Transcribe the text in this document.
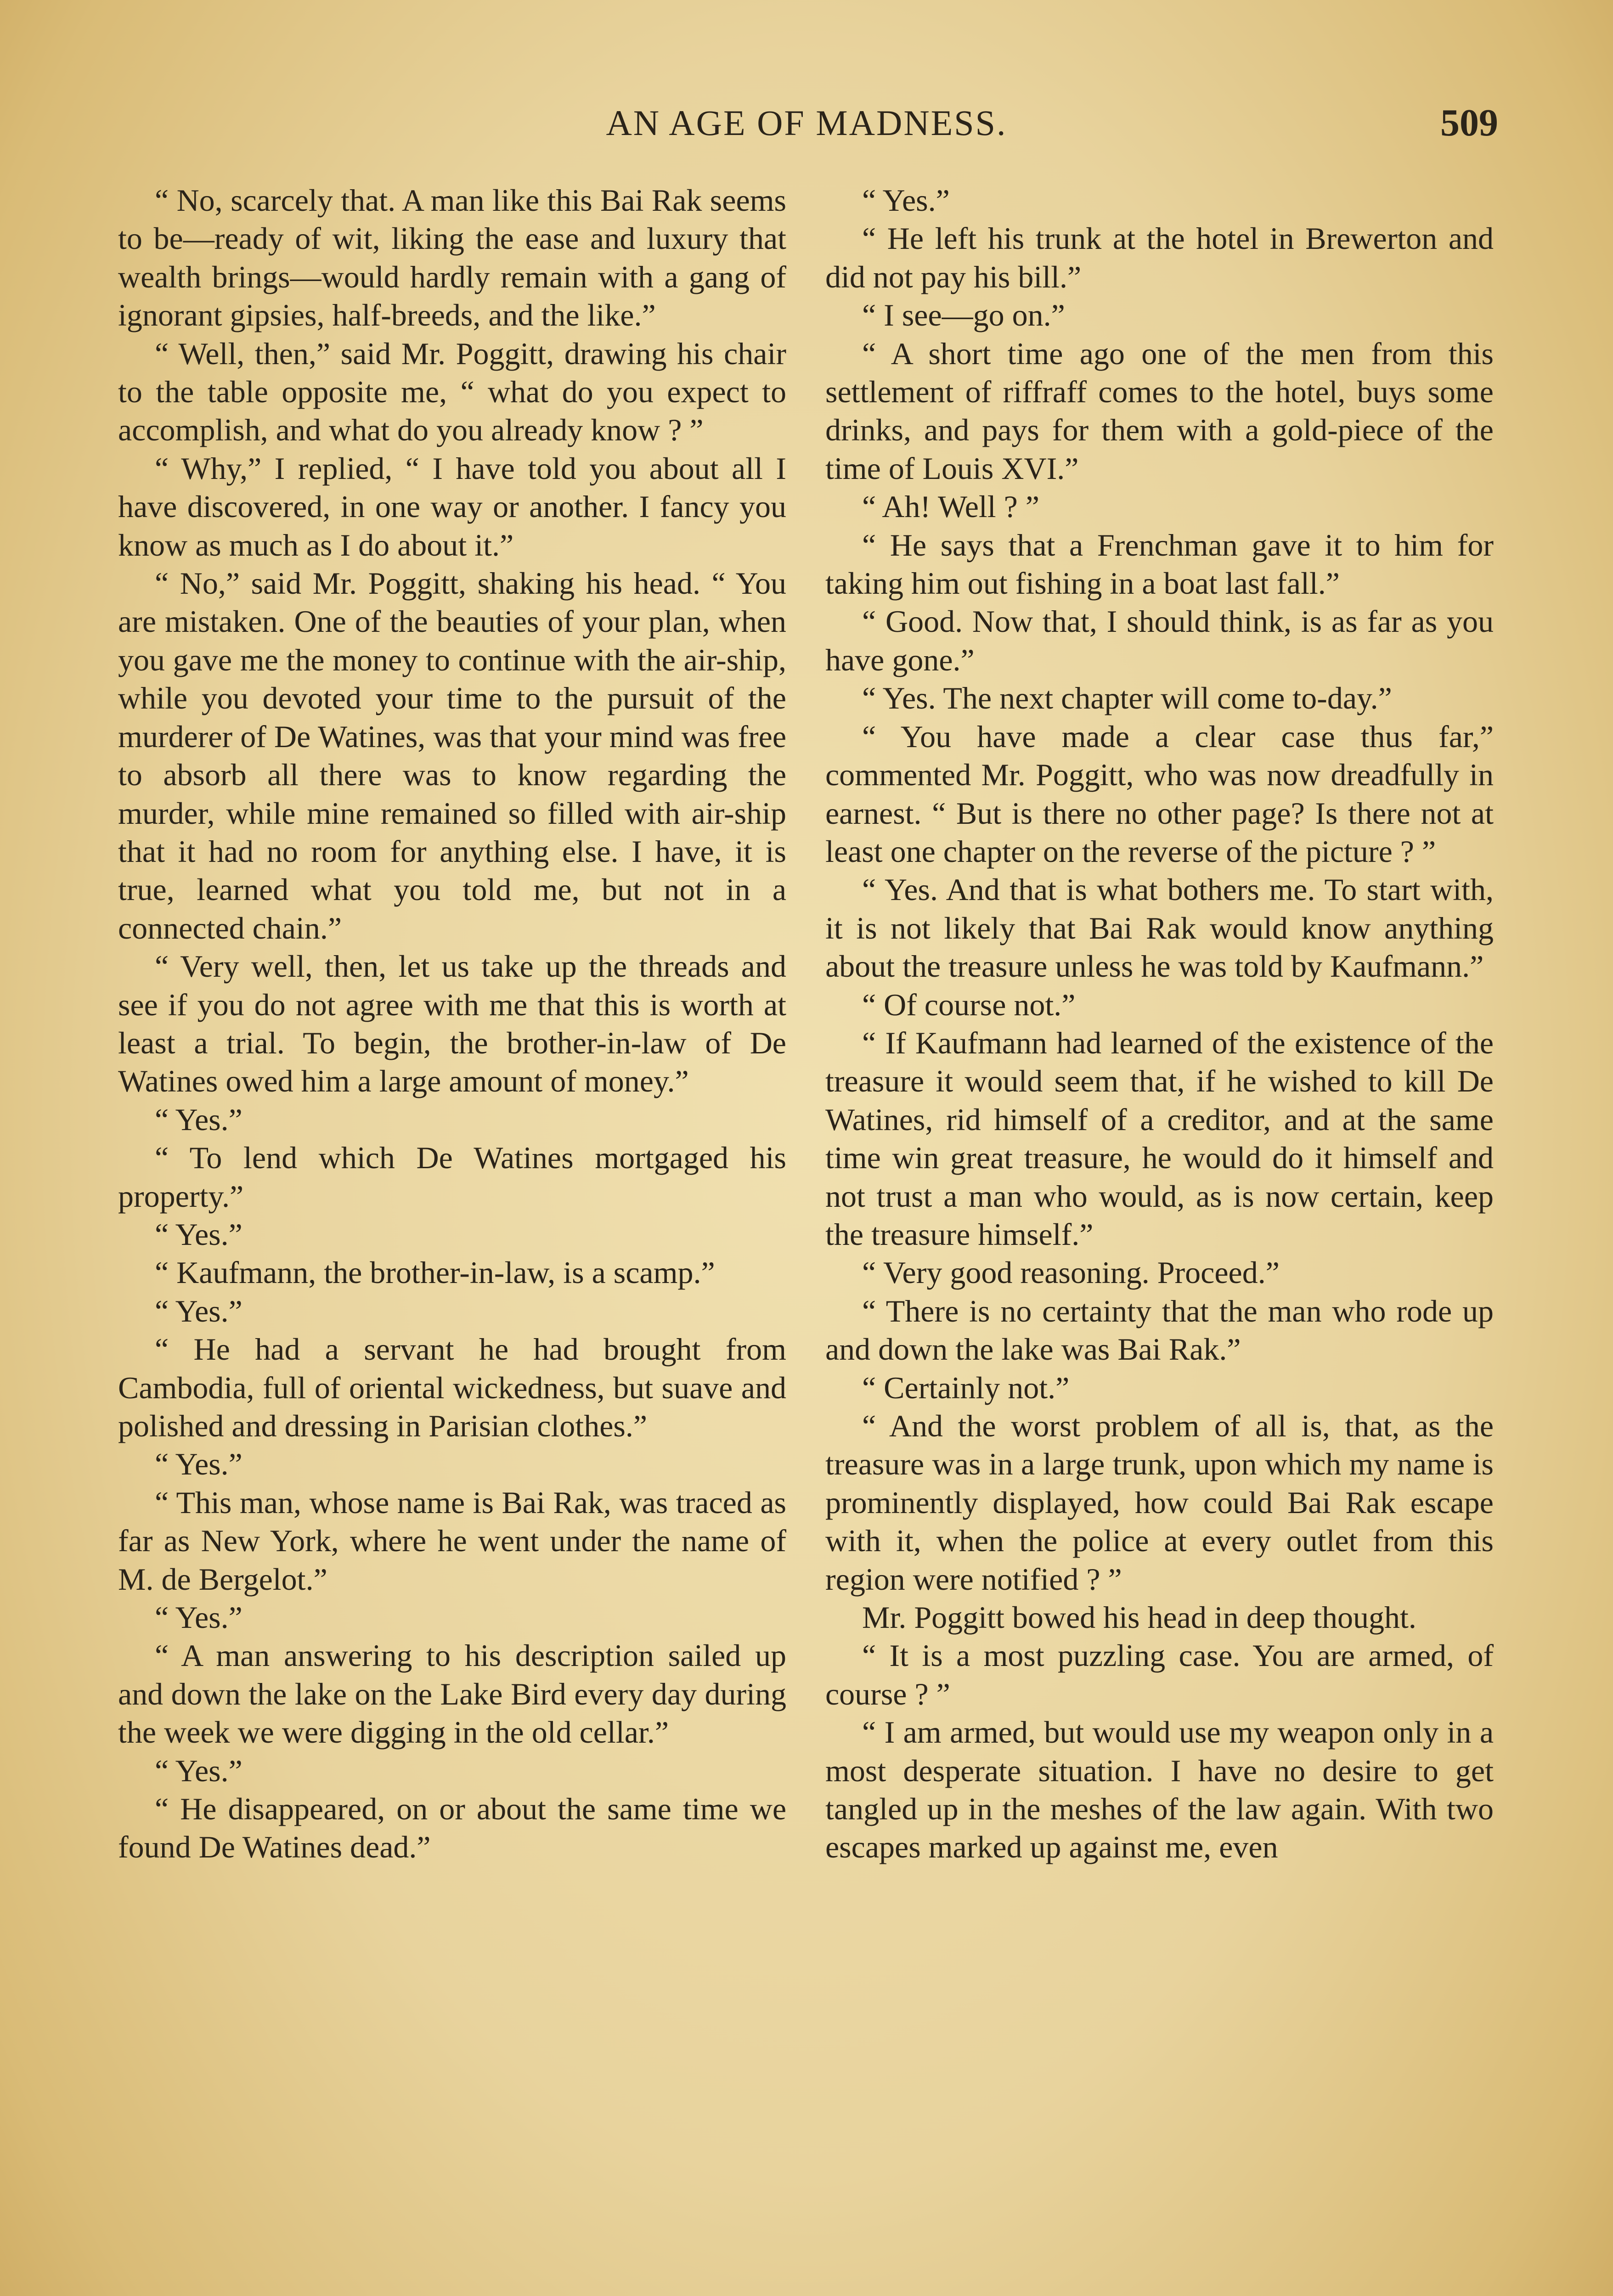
AN AGE OF MADNESS.	509

“ No, scarcely that. A man like this Bai Rak seems to be—ready of wit, liking the ease and luxury that wealth brings—would hardly remain with a gang of ignorant gipsies, half-breeds, and the like.”

“ Well, then,” said Mr. Poggitt, drawing his chair to the table opposite me, “ what do you expect to accomplish, and what do you already know ? ”

“ Why,” I replied, “ I have told you about all I have discovered, in one way or another. I fancy you know as much as I do about it.”

“ No,” said Mr. Poggitt, shaking his head. “ You are mistaken. One of the beauties of your plan, when you gave me the money to continue with the air-ship, while you devoted your time to the pursuit of the murderer of De Watines, was that your mind was free to absorb all there was to know regarding the murder, while mine remained so filled with air-ship that it had no room for anything else. I have, it is true, learned what you told me, but not in a connected chain.”

“ Very well, then, let us take up the threads and see if you do not agree with me that this is worth at least a trial. To begin, the brother-in-law of De Watines owed him a large amount of money.”

“ Yes.”

“ To lend which De Watines mortgaged his property.”

“ Yes.”

“ Kaufmann, the brother-in-law, is a scamp.”

“ Yes.”

“ He had a servant he had brought from Cambodia, full of oriental wickedness, but suave and polished and dressing in Parisian clothes.”

“ Yes.”

“ This man, whose name is Bai Rak, was traced as far as New York, where he went under the name of M. de Bergelot.”

“ Yes.”

“ A man answering to his description sailed up and down the lake on the Lake Bird every day during the week we were digging in the old cellar.”

“ Yes.”

“ He disappeared, on or about the same time we found De Watines dead.”

“ Yes.”

“ He left his trunk at the hotel in Brewerton and did not pay his bill.”

“ I see—go on.”

“ A short time ago one of the men from this settlement of riffraff comes to the hotel, buys some drinks, and pays for them with a gold-piece of the time of Louis XVI.”

“ Ah! Well ? ”

“ He says that a Frenchman gave it to him for taking him out fishing in a boat last fall.”

“ Good. Now that, I should think, is as far as you have gone.”

“ Yes. The next chapter will come to-day.”

“ You have made a clear case thus far,” commented Mr. Poggitt, who was now dreadfully in earnest. “ But is there no other page? Is there not at least one chapter on the reverse of the picture ? ”

“ Yes. And that is what bothers me. To start with, it is not likely that Bai Rak would know anything about the treasure unless he was told by Kaufmann.”

“ Of course not.”

“ If Kaufmann had learned of the existence of the treasure it would seem that, if he wished to kill De Watines, rid himself of a creditor, and at the same time win great treasure, he would do it himself and not trust a man who would, as is now certain, keep the treasure himself.”

“ Very good reasoning. Proceed.”

“ There is no certainty that the man who rode up and down the lake was Bai Rak.”

“ Certainly not.”

“ And the worst problem of all is, that, as the treasure was in a large trunk, upon which my name is prominently displayed, how could Bai Rak escape with it, when the police at every outlet from this region were notified ? ”

Mr. Poggitt bowed his head in deep thought.

“ It is a most puzzling case. You are armed, of course ? ”

“ I am armed, but would use my weapon only in a most desperate situation. I have no desire to get tangled up in the meshes of the law again. With two escapes marked up against me, even
